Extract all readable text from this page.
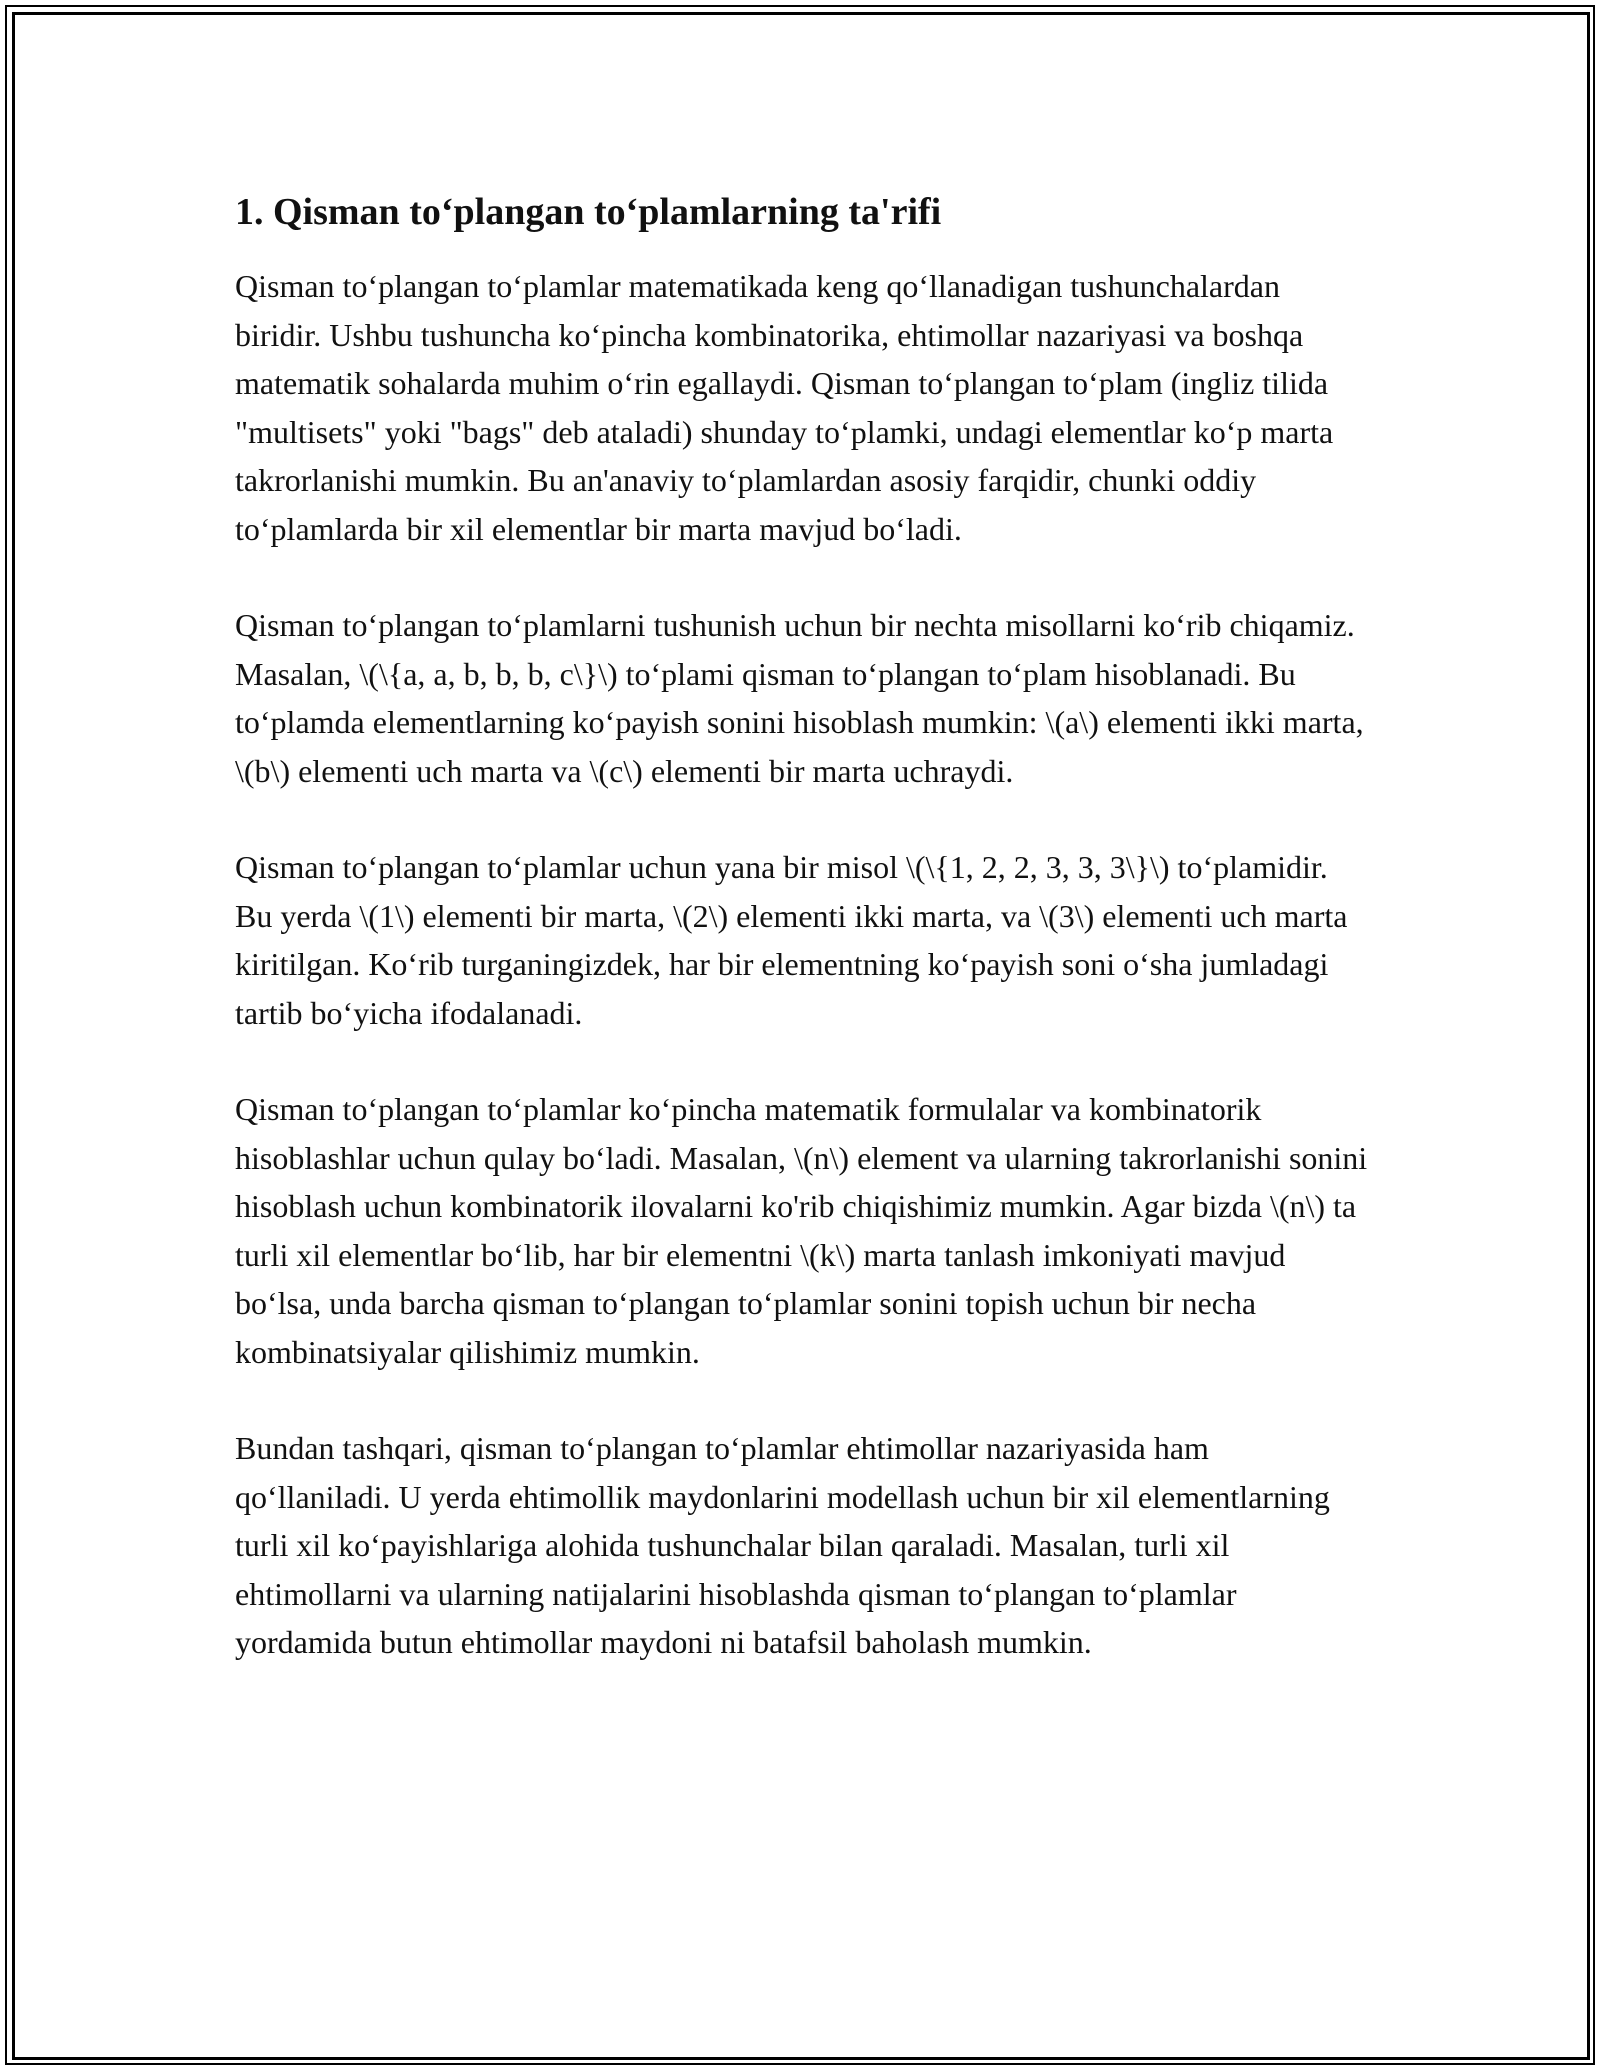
1. Qisman to‘plangan to‘plamlarning ta'rifi

Qisman to‘plangan to‘plamlar matematikada keng qo‘llanadigan tushunchalardan biridir. Ushbu tushuncha ko‘pincha kombinatorika, ehtimollar nazariyasi va boshqa matematik sohalarda muhim o‘rin egallaydi. Qisman to‘plangan to‘plam (ingliz tilida "multisets" yoki "bags" deb ataladi) shunday to‘plamki, undagi elementlar ko‘p marta takrorlanishi mumkin. Bu an'anaviy to‘plamlardan asosiy farqidir, chunki oddiy to‘plamlarda bir xil elementlar bir marta mavjud bo‘ladi.

Qisman to‘plangan to‘plamlarni tushunish uchun bir nechta misollarni ko‘rib chiqamiz. Masalan, \(\{a, a, b, b, b, c\}\) to‘plami qisman to‘plangan to‘plam hisoblanadi. Bu to‘plamda elementlarning ko‘payish sonini hisoblash mumkin: \(a\) elementi ikki marta, \(b\) elementi uch marta va \(c\) elementi bir marta uchraydi.

Qisman to‘plangan to‘plamlar uchun yana bir misol \(\{1, 2, 2, 3, 3, 3\}\) to‘plamidir. Bu yerda \(1\) elementi bir marta, \(2\) elementi ikki marta, va \(3\) elementi uch marta kiritilgan. Ko‘rib turganingizdek, har bir elementning ko‘payish soni o‘sha jumladagi tartib bo‘yicha ifodalanadi.

Qisman to‘plangan to‘plamlar ko‘pincha matematik formulalar va kombinatorik hisoblashlar uchun qulay bo‘ladi. Masalan, \(n\) element va ularning takrorlanishi sonini hisoblash uchun kombinatorik ilovalarni ko'rib chiqishimiz mumkin. Agar bizda \(n\) ta turli xil elementlar bo‘lib, har bir elementni \(k\) marta tanlash imkoniyati mavjud bo‘lsa, unda barcha qisman to‘plangan to‘plamlar sonini topish uchun bir necha kombinatsiyalar qilishimiz mumkin.

Bundan tashqari, qisman to‘plangan to‘plamlar ehtimollar nazariyasida ham qo‘llaniladi. U yerda ehtimollik maydonlarini modellash uchun bir xil elementlarning turli xil ko‘payishlariga alohida tushunchalar bilan qaraladi. Masalan, turli xil ehtimollarni va ularning natijalarini hisoblashda qisman to‘plangan to‘plamlar yordamida butun ehtimollar maydoni ni batafsil baholash mumkin.
